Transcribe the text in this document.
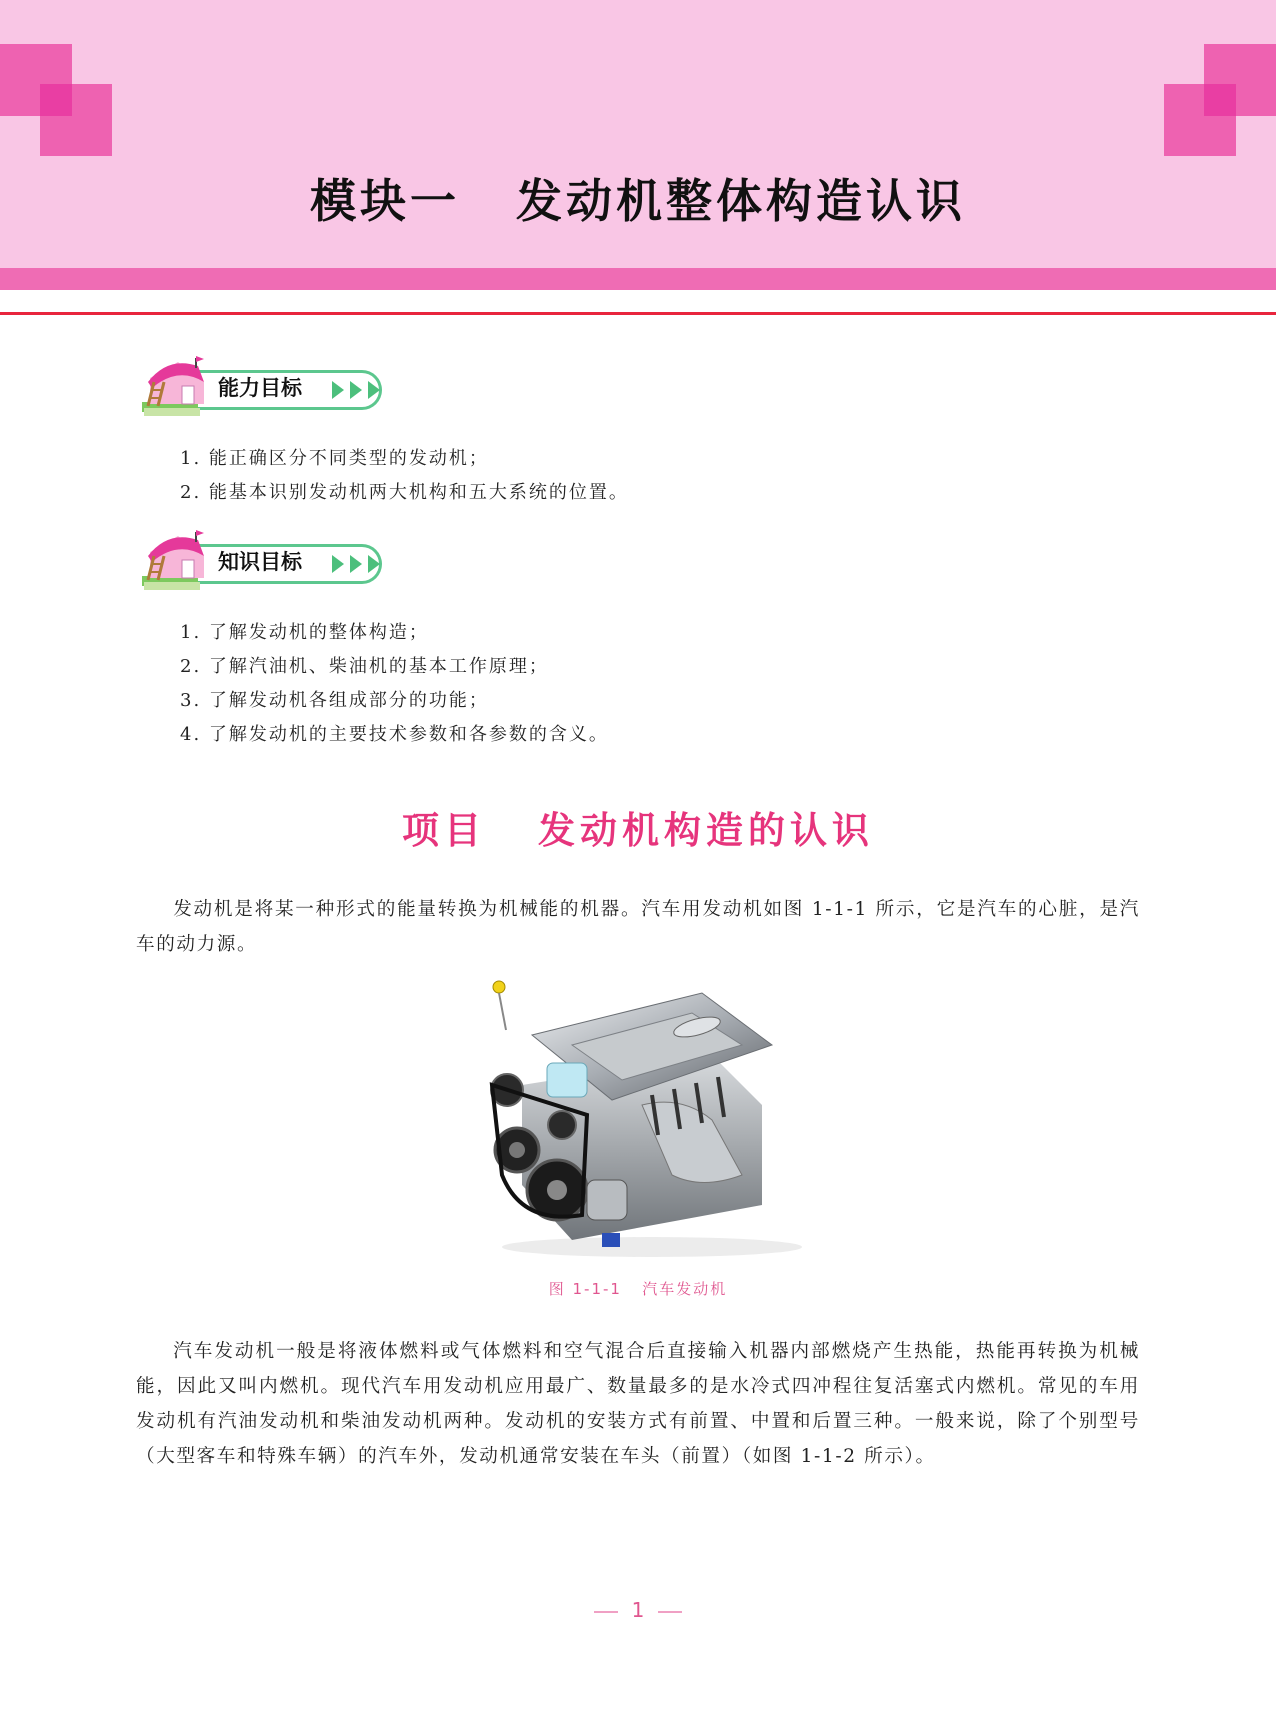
模块一 发动机整体构造认识
能力目标
1. 能正确区分不同类型的发动机；
2. 能基本识别发动机两大机构和五大系统的位置。
知识目标
1. 了解发动机的整体构造；
2. 了解汽油机、柴油机的基本工作原理；
3. 了解发动机各组成部分的功能；
4. 了解发动机的主要技术参数和各参数的含义。
项目 发动机构造的认识
发动机是将某一种形式的能量转换为机械能的机器。汽车用发动机如图 1-1-1 所示，它是汽车的心脏，是汽车的动力源。
图 1-1-1 汽车发动机
汽车发动机一般是将液体燃料或气体燃料和空气混合后直接输入机器内部燃烧产生热能，热能再转换为机械能，因此又叫内燃机。现代汽车用发动机应用最广、数量最多的是水冷式四冲程往复活塞式内燃机。常见的车用发动机有汽油发动机和柴油发动机两种。发动机的安装方式有前置、中置和后置三种。一般来说，除了个别型号（大型客车和特殊车辆）的汽车外，发动机通常安装在车头（前置）（如图 1-1-2 所示）。
1
